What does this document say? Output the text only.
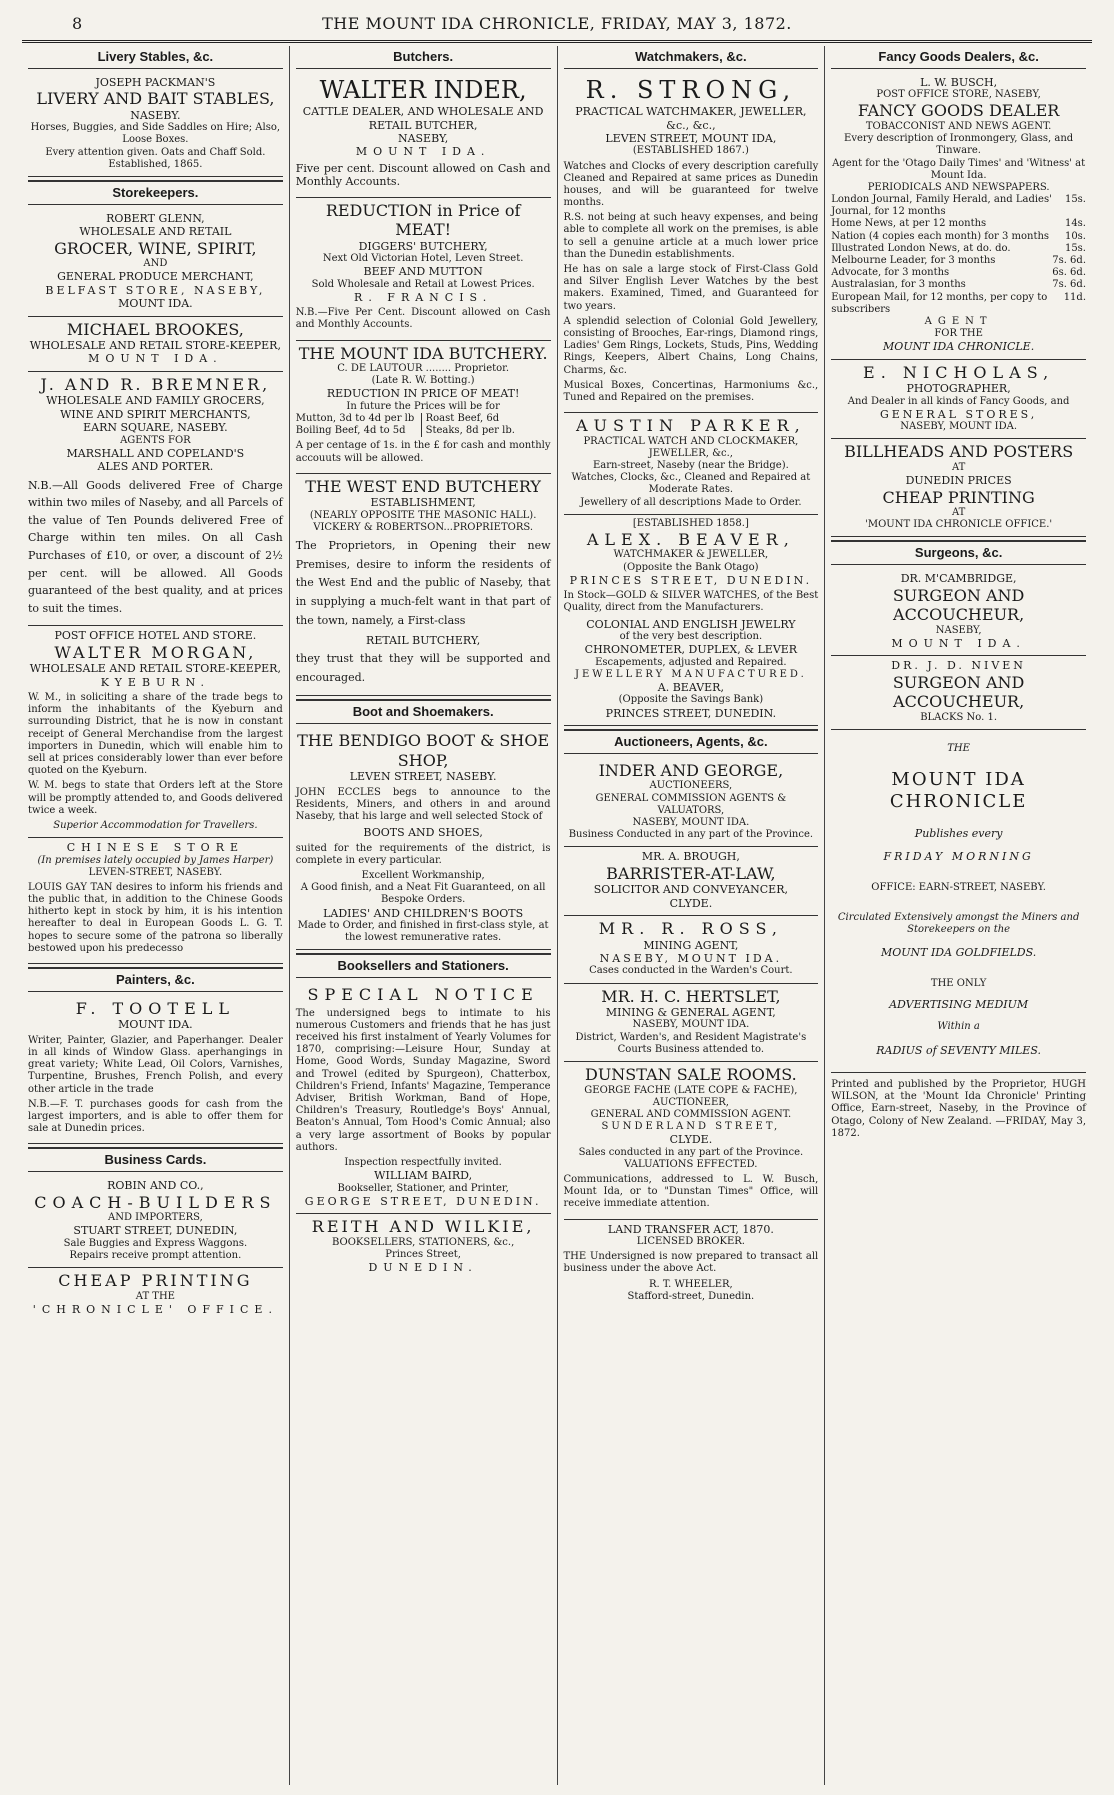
8	THE MOUNT IDA CHRONICLE, FRIDAY, MAY 3, 1872.
Livery Stables, &c.
JOSEPH PACKMAN'S
LIVERY AND BAIT STABLES,
NASEBY.
Horses, Buggies, and Side Saddles on Hire; Also, Loose Boxes.
Every attention given. Oats and Chaff Sold. Established, 1865.
Storekeepers.
ROBERT GLENN,
WHOLESALE AND RETAIL
GROCER, WINE, SPIRIT,
AND
GENERAL PRODUCE MERCHANT,
BELFAST STORE, NASEBY,
MOUNT IDA.
MICHAEL BROOKES,
WHOLESALE AND RETAIL STORE-KEEPER,
MOUNT IDA.
J. AND R. BREMNER,
WHOLESALE AND FAMILY GROCERS,
WINE AND SPIRIT MERCHANTS,
EARN SQUARE, NASEBY.
AGENTS FOR
MARSHALL AND COPELAND'S
ALES AND PORTER.
N.B.—All Goods delivered Free of Charge within two miles of Naseby, and all Parcels of the value of Ten Pounds delivered Free of Charge within ten miles. On all Cash Purchases of £10, or over, a discount of 2½ per cent. will be allowed. All Goods guaranteed of the best quality, and at prices to suit the times.
POST OFFICE HOTEL AND STORE.
WALTER MORGAN,
WHOLESALE AND RETAIL STORE-KEEPER,
KYEBURN.
W. M., in soliciting a share of the trade begs to inform the inhabitants of the Kyeburn and surrounding District, that he is now in constant receipt of General Merchandise from the largest importers in Dunedin, which will enable him to sell at prices considerably lower than ever before quoted on the Kyeburn.
W. M. begs to state that Orders left at the Store will be promptly attended to, and Goods delivered twice a week.
Superior Accommodation for Travellers.
CHINESE STORE
(In premises lately occupied by James Harper)
LEVEN-STREET, NASEBY.
LOUIS GAY TAN desires to inform his friends and the public that, in addition to the Chinese Goods hitherto kept in stock by him, it is his intention hereafter to deal in European Goods L. G. T. hopes to secure some of the patrona so liberally bestowed upon his predecesso
Painters, &c.
F. TOOTELL
MOUNT IDA.
Writer, Painter, Glazier, and Paperhanger. Dealer in all kinds of Window Glass. aperhangings in great variety; White Lead, Oil Colors, Varnishes, Turpentine, Brushes, French Polish, and every other article in the trade
N.B.—F. T. purchases goods for cash from the largest importers, and is able to offer them for sale at Dunedin prices.
Business Cards.
ROBIN AND CO.,
COACH-BUILDERS
AND IMPORTERS,
STUART STREET, DUNEDIN,
Sale Buggies and Express Waggons.
Repairs receive prompt attention.
CHEAP PRINTING
AT THE
'CHRONICLE' OFFICE.
Butchers.
WALTER INDER,
CATTLE DEALER, AND WHOLESALE AND RETAIL BUTCHER,
NASEBY,
MOUNT IDA.
Five per cent. Discount allowed on Cash and Monthly Accounts.
REDUCTION in Price of MEAT!
DIGGERS' BUTCHERY,
Next Old Victorian Hotel, Leven Street.
BEEF AND MUTTON
Sold Wholesale and Retail at Lowest Prices.
R. FRANCIS.
N.B.—Five Per Cent. Discount allowed on Cash and Monthly Accounts.
THE MOUNT IDA BUTCHERY.
C. DE LAUTOUR ........ Proprietor.
(Late R. W. Botting.)
REDUCTION IN PRICE OF MEAT!
In future the Prices will be for
Mutton, 3d to 4d per lb	Roast Beef, 6d
Boiling Beef, 4d to 5d	Steaks, 8d per lb.
A per centage of 1s. in the £ for cash and monthly accouuts will be allowed.
THE WEST END BUTCHERY
ESTABLISHMENT,
(NEARLY OPPOSITE THE MASONIC HALL).
VICKERY & ROBERTSON...PROPRIETORS.
The Proprietors, in Opening their new Premises, desire to inform the residents of the West End and the public of Naseby, that in supplying a much-felt want in that part of the town, namely, a First-class
RETAIL BUTCHERY,
they trust that they will be supported and encouraged.
Boot and Shoemakers.
THE BENDIGO BOOT & SHOE SHOP,
LEVEN STREET, NASEBY.
JOHN ECCLES begs to announce to the Residents, Miners, and others in and around Naseby, that his large and well selected Stock of
BOOTS AND SHOES,
suited for the requirements of the district, is complete in every particular.
Excellent Workmanship,
A Good finish, and a Neat Fit Guaranteed, on all Bespoke Orders.
LADIES' AND CHILDREN'S BOOTS
Made to Order, and finished in first-class style, at the lowest remunerative rates.
Booksellers and Stationers.
SPECIAL NOTICE
The undersigned begs to intimate to his numerous Customers and friends that he has just received his first instalment of Yearly Volumes for 1870, comprising:—Leisure Hour, Sunday at Home, Good Words, Sunday Magazine, Sword and Trowel (edited by Spurgeon), Chatterbox, Children's Friend, Infants' Magazine, Temperance Adviser, British Workman, Band of Hope, Children's Treasury, Routledge's Boys' Annual, Beaton's Annual, Tom Hood's Comic Annual; also a very large assortment of Books by popular authors.
Inspection respectfully invited.
WILLIAM BAIRD,
Bookseller, Stationer, and Printer,
GEORGE STREET, DUNEDIN.
REITH AND WILKIE,
BOOKSELLERS, STATIONERS, &c.,
Princes Street,
DUNEDIN.
Watchmakers, &c.
R. STRONG,
PRACTICAL WATCHMAKER, JEWELLER, &c., &c.,
LEVEN STREET, MOUNT IDA,
(ESTABLISHED 1867.)
Watches and Clocks of every description carefully Cleaned and Repaired at same prices as Dunedin houses, and will be guaranteed for twelve months.
R.S. not being at such heavy expenses, and being able to complete all work on the premises, is able to sell a genuine article at a much lower price than the Dunedin establishments.
He has on sale a large stock of First-Class Gold and Silver English Lever Watches by the best makers. Examined, Timed, and Guaranteed for two years.
A splendid selection of Colonial Gold Jewellery, consisting of Brooches, Ear-rings, Diamond rings, Ladies' Gem Rings, Lockets, Studs, Pins, Wedding Rings, Keepers, Albert Chains, Long Chains, Charms, &c.
Musical Boxes, Concertinas, Harmoniums &c., Tuned and Repaired on the premises.
AUSTIN PARKER,
PRACTICAL WATCH AND CLOCKMAKER, JEWELLER, &c.,
Earn-street, Naseby (near the Bridge).
Watches, Clocks, &c., Cleaned and Repaired at Moderate Rates.
Jewellery of all descriptions Made to Order.
[ESTABLISHED 1858.]
ALEX. BEAVER,
WATCHMAKER & JEWELLER,
(Opposite the Bank Otago)
PRINCES STREET, DUNEDIN.
In Stock—GOLD & SILVER WATCHES, of the Best Quality, direct from the Manufacturers.
COLONIAL AND ENGLISH JEWELRY
of the very best description.
CHRONOMETER, DUPLEX, & LEVER
Escapements, adjusted and Repaired.
JEWELLERY MANUFACTURED.
A. BEAVER,
(Opposite the Savings Bank)
PRINCES STREET, DUNEDIN.
Auctioneers, Agents, &c.
INDER AND GEORGE,
AUCTIONEERS,
GENERAL COMMISSION AGENTS & VALUATORS,
NASEBY, MOUNT IDA.
Business Conducted in any part of the Province.
MR. A. BROUGH,
BARRISTER-AT-LAW,
SOLICITOR AND CONVEYANCER,
CLYDE.
MR. R. ROSS,
MINING AGENT,
NASEBY, MOUNT IDA.
Cases conducted in the Warden's Court.
MR. H. C. HERTSLET,
MINING & GENERAL AGENT,
NASEBY, MOUNT IDA.
District, Warden's, and Resident Magistrate's Courts Business attended to.
DUNSTAN SALE ROOMS.
GEORGE FACHE (LATE COPE & FACHE),
AUCTIONEER,
GENERAL AND COMMISSION AGENT.
SUNDERLAND STREET,
CLYDE.
Sales conducted in any part of the Province.
VALUATIONS EFFECTED.
Communications, addressed to L. W. Busch, Mount Ida, or to "Dunstan Times" Office, will receive immediate attention.
LAND TRANSFER ACT, 1870.
LICENSED BROKER.
THE Undersigned is now prepared to transact all business under the above Act.
R. T. WHEELER,
Stafford-street, Dunedin.
Fancy Goods Dealers, &c.
L. W. BUSCH,
POST OFFICE STORE, NASEBY,
FANCY GOODS DEALER
TOBACCONIST AND NEWS AGENT.
Every description of Ironmongery, Glass, and Tinware.
Agent for the 'Otago Daily Times' and 'Witness' at Mount Ida.
PERIODICALS AND NEWSPAPERS.
London Journal, Family Herald, and Ladies' Journal, for 12 months
15s.
Home News, at per 12 months	14s.
Nation (4 copies each month) for 3 months 10s.
Illustrated London News, at do. do.	15s.
Melbourne Leader, for 3 months	7s. 6d.
Advocate, for 3 months	6s. 6d.
Australasian, for 3 months	7s. 6d.
European Mail, for 12 months, per copy to subscribers
11d.
AGENT
FOR THE
MOUNT IDA CHRONICLE.
E. NICHOLAS,
PHOTOGRAPHER,
And Dealer in all kinds of Fancy Goods, and
GENERAL STORES,
NASEBY, MOUNT IDA.
BILLHEADS AND POSTERS
AT
DUNEDIN PRICES
CHEAP PRINTING
AT
'MOUNT IDA CHRONICLE OFFICE.'
Surgeons, &c.
DR. M'CAMBRIDGE,
SURGEON AND ACCOUCHEUR,
NASEBY,
MOUNT IDA.
DR. J. D. NIVEN
SURGEON AND ACCOUCHEUR,
BLACKS No. 1.
THE
MOUNT IDA CHRONICLE
Publishes every
FRIDAY MORNING
OFFICE: EARN-STREET, NASEBY.
Circulated Extensively amongst the Miners and Storekeepers on the
MOUNT IDA GOLDFIELDS.
THE ONLY
ADVERTISING MEDIUM
Within a
RADIUS of SEVENTY MILES.
Printed and published by the Proprietor, HUGH WILSON, at the 'Mount Ida Chronicle' Printing Office, Earn-street, Naseby, in the Province of Otago, Colony of New Zealand. —FRIDAY, May 3, 1872.
